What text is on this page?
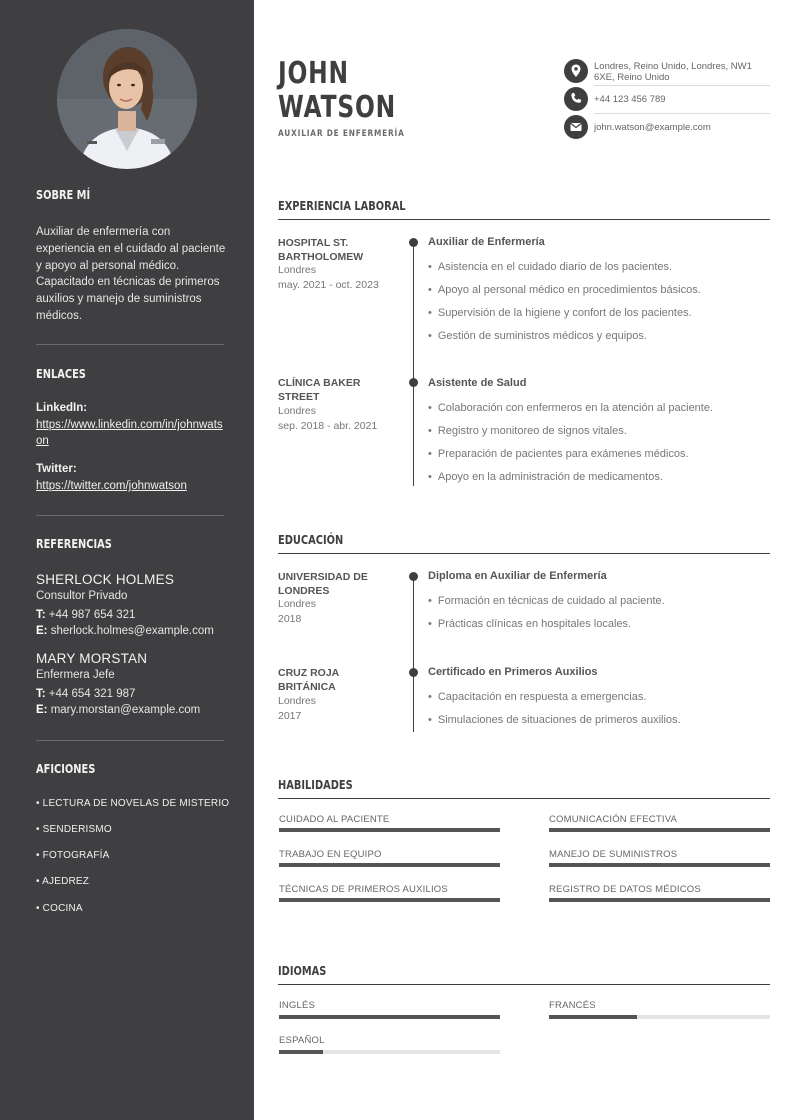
SOBRE MÍ
Auxiliar de enfermería con experiencia en el cuidado al paciente y apoyo al personal médico. Capacitado en técnicas de primeros auxilios y manejo de suministros médicos.
ENLACES
LinkedIn:
https://www.linkedin.com/in/johnwatson
Twitter:
https://twitter.com/johnwatson
REFERENCIAS
SHERLOCK HOLMES
Consultor Privado
T: +44 987 654 321
E: sherlock.holmes@example.com
MARY MORSTAN
Enfermera Jefe
T: +44 654 321 987
E: mary.morstan@example.com
AFICIONES
• LECTURA DE NOVELAS DE MISTERIO
• SENDERISMO
• FOTOGRAFÍA
• AJEDREZ
• COCINA
JOHN
WATSON
AUXILIAR DE ENFERMERÍA
Londres, Reino Unido, Londres, NW1 6XE, Reino Unido
+44 123 456 789
john.watson@example.com
EXPERIENCIA LABORAL
HOSPITAL ST. BARTHOLOMEW
Londres
may. 2021 - oct. 2023
Auxiliar de Enfermería
• Asistencia en el cuidado diario de los pacientes.
• Apoyo al personal médico en procedimientos básicos.
• Supervisión de la higiene y confort de los pacientes.
• Gestión de suministros médicos y equipos.
CLÍNICA BAKER STREET
Londres
sep. 2018 - abr. 2021
Asistente de Salud
• Colaboración con enfermeros en la atención al paciente.
• Registro y monitoreo de signos vitales.
• Preparación de pacientes para exámenes médicos.
• Apoyo en la administración de medicamentos.
EDUCACIÓN
UNIVERSIDAD DE LONDRES
Londres
2018
Diploma en Auxiliar de Enfermería
• Formación en técnicas de cuidado al paciente.
• Prácticas clínicas en hospitales locales.
CRUZ ROJA BRITÁNICA
Londres
2017
Certificado en Primeros Auxilios
• Capacitación en respuesta a emergencias.
• Simulaciones de situaciones de primeros auxilios.
HABILIDADES
CUIDADO AL PACIENTE	COMUNICACIÓN EFECTIVA
TRABAJO EN EQUIPO	MANEJO DE SUMINISTROS
TÉCNICAS DE PRIMEROS AUXILIOS	REGISTRO DE DATOS MÉDICOS
IDIOMAS
INGLÉS	FRANCÉS
ESPAÑOL
